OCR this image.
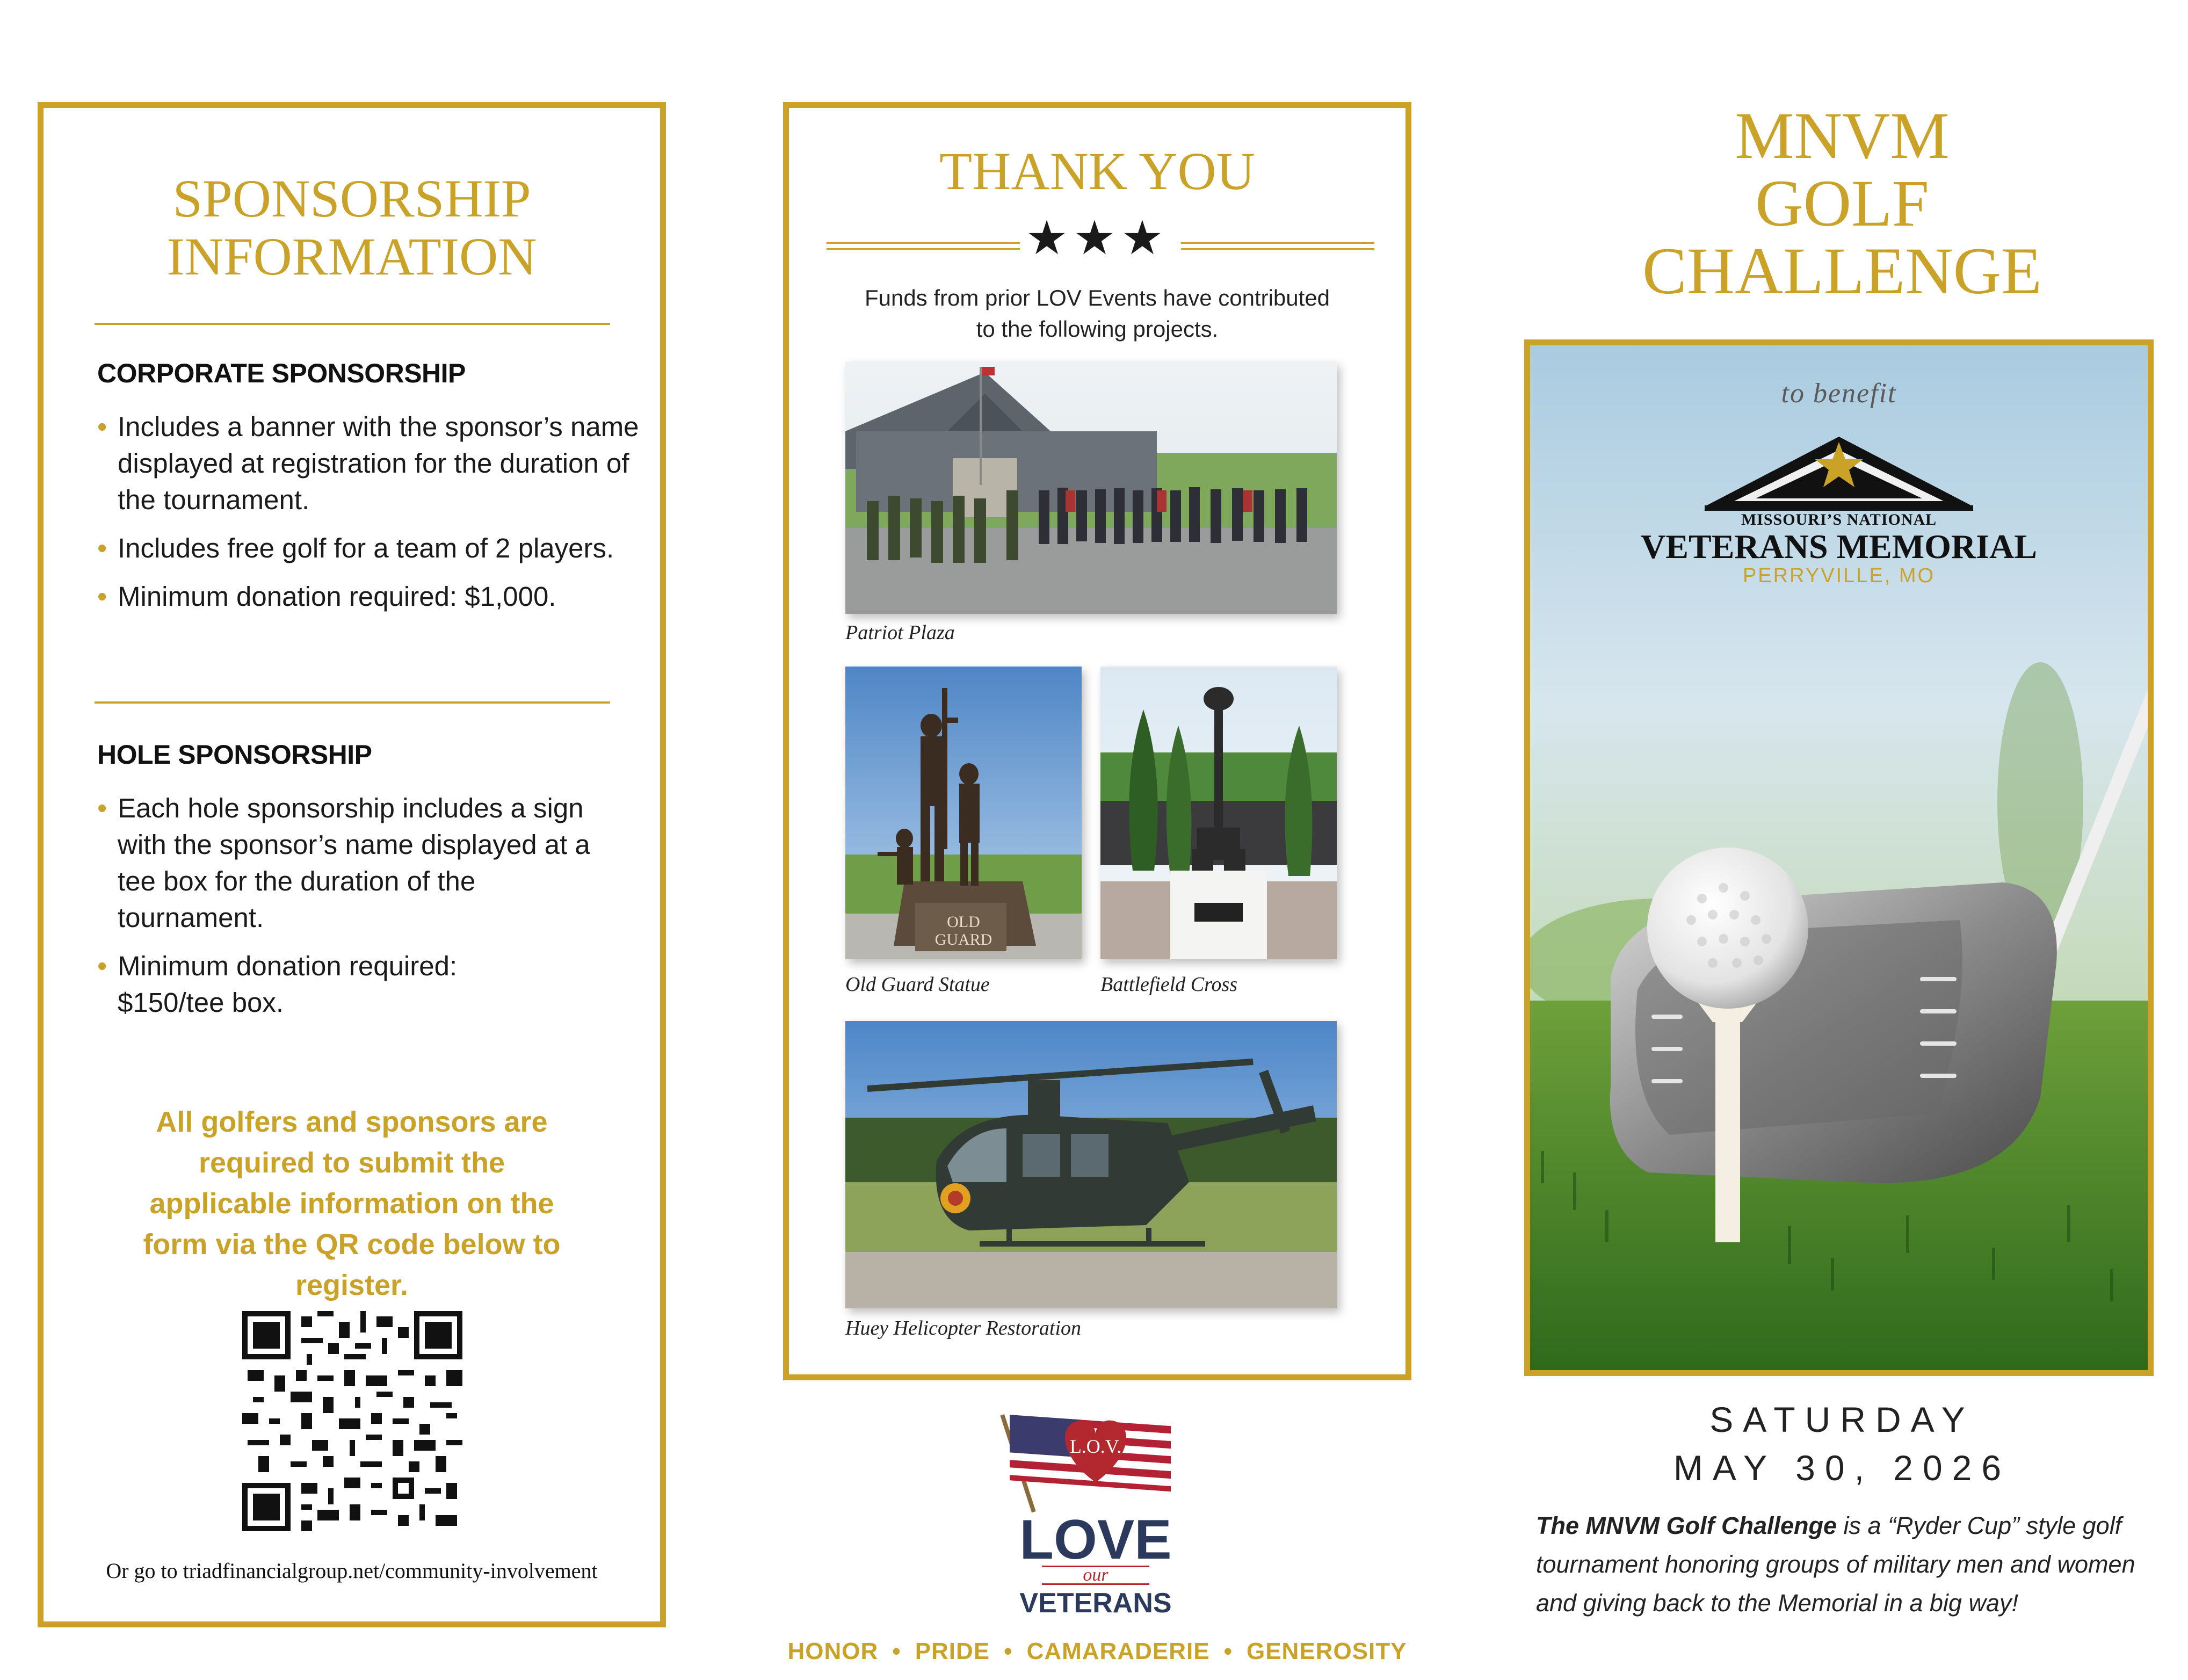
SPONSORSHIP
INFORMATION
CORPORATE SPONSORSHIP
• Includes a banner with the sponsor’s name displayed at registration for the duration of the tournament.
• Includes free golf for a team of 2 players.
• Minimum donation required: $1,000.
HOLE SPONSORSHIP
• Each hole sponsorship includes a sign with the sponsor’s name displayed at a tee box for the duration of the tournament.
• Minimum donation required: $150/tee box.
All golfers and sponsors are required to submit the applicable information on the form via the QR code below to register.
Or go to triadfinancialgroup.net/community-involvement
THANK YOU
★★★
Funds from prior LOV Events have contributed
to the following projects.
Patriot Plaza
OLD
GUARD
Old Guard Statue	Battlefield Cross
Huey Helicopter Restoration
L.O.V.
LOVE
our
VETERANS
HONOR • PRIDE • CAMARADERIE • GENEROSITY
MNVM
GOLF
CHALLENGE
to benefit
MISSOURI’S NATIONAL
VETERANS MEMORIAL
PERRYVILLE, MO
SATURDAY
MAY 30, 2026
The MNVM Golf Challenge is a “Ryder Cup” style golf tournament honoring groups of military men and women and giving back to the Memorial in a big way!
